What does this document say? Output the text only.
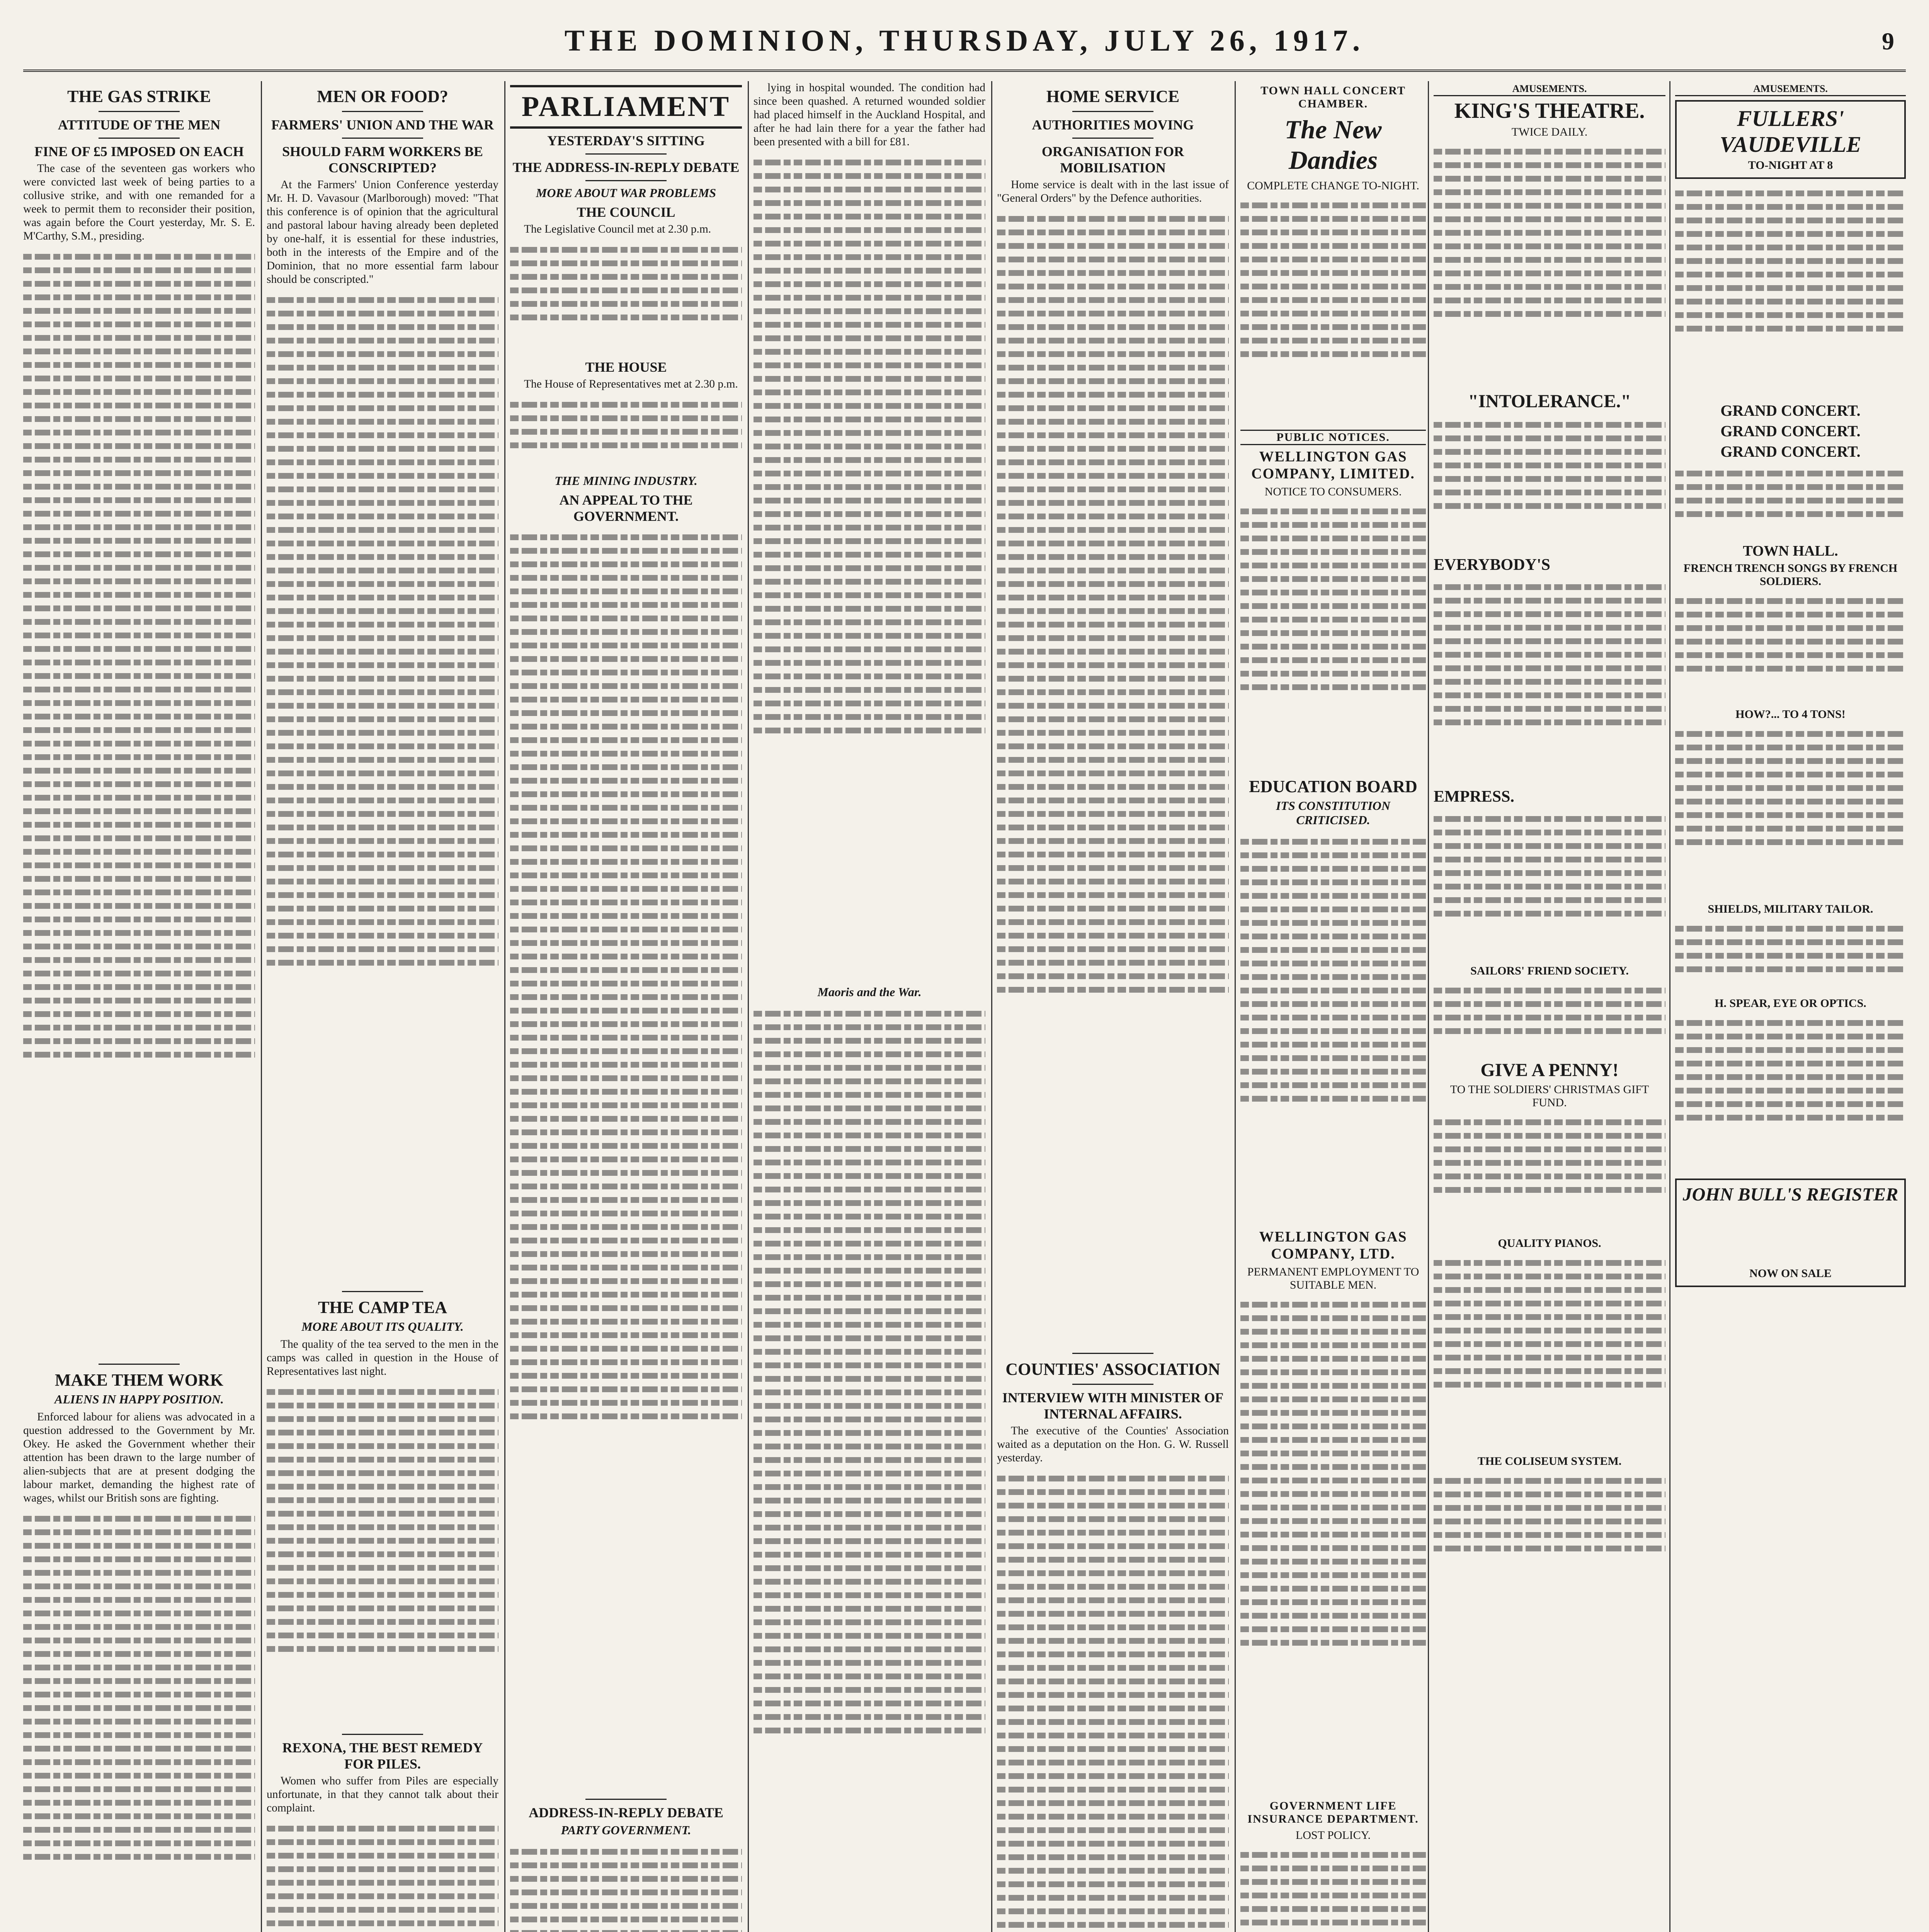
THE DOMINION, THURSDAY, JULY 26, 1917.	9
THE GAS STRIKE
ATTITUDE OF THE MEN
FINE OF £5 IMPOSED ON EACH

The case of the seventeen gas workers who were convicted last week of being parties to a collusive strike, and with one remanded for a week to permit them to reconsider their position, was again before the Court yesterday, Mr. S. E. M'Carthy, S.M., presiding.

MAKE THEM WORK
ALIENS IN HAPPY POSITION.

Enforced labour for aliens was advocated in a question addressed to the Government by Mr. Okey. He asked the Government whether their attention has been drawn to the large number of alien-subjects that are at present dodging the labour market, demanding the highest rate of wages, whilst our British sons are fighting.

MEN OR FOOD?
FARMERS' UNION AND THE WAR
SHOULD FARM WORKERS BE CONSCRIPTED?

At the Farmers' Union Conference yesterday Mr. H. D. Vavasour (Marlborough) moved: "That this conference is of opinion that the agricultural and pastoral labour having already been depleted by one-half, it is essential for these industries, both in the interests of the Empire and of the Dominion, that no more essential farm labour should be conscripted."

THE CAMP TEA
MORE ABOUT ITS QUALITY.

The quality of the tea served to the men in the camps was called in question in the House of Representatives last night.

REXONA, THE BEST REMEDY FOR PILES.

Women who suffer from Piles are especially unfortunate, in that they cannot talk about their complaint.

PARLIAMENT
YESTERDAY'S SITTING
THE ADDRESS-IN-REPLY DEBATE
MORE ABOUT WAR PROBLEMS
THE COUNCIL

The Legislative Council met at 2.30 p.m.

THE HOUSE

The House of Representatives met at 2.30 p.m.

THE MINING INDUSTRY.
AN APPEAL TO THE GOVERNMENT.
ADDRESS-IN-REPLY DEBATE
PARTY GOVERNMENT.

lying in hospital wounded. The condition had since been quashed. A returned wounded soldier had placed himself in the Auckland Hospital, and after he had lain there for a year the father had been presented with a bill for £81.

Maoris and the War.
HOME SERVICE
AUTHORITIES MOVING
ORGANISATION FOR MOBILISATION

Home service is dealt with in the last issue of "General Orders" by the Defence authorities.

COUNTIES' ASSOCIATION
INTERVIEW WITH MINISTER OF INTERNAL AFFAIRS.

The executive of the Counties' Association waited as a deputation on the Hon. G. W. Russell yesterday.

TOWN HALL CONCERT CHAMBER.
The New Dandies
COMPLETE CHANGE TO-NIGHT.
PUBLIC NOTICES.
WELLINGTON GAS COMPANY, LIMITED.
NOTICE TO CONSUMERS.
EDUCATION BOARD
ITS CONSTITUTION CRITICISED.
WELLINGTON GAS COMPANY, LTD.
PERMANENT EMPLOYMENT TO SUITABLE MEN.
GOVERNMENT LIFE INSURANCE DEPARTMENT.
LOST POLICY.
AMUSEMENTS.
KING'S THEATRE.
TWICE DAILY.
"INTOLERANCE."
EVERYBODY'S
EMPRESS.
SAILORS' FRIEND SOCIETY.
GIVE A PENNY!
TO THE SOLDIERS' CHRISTMAS GIFT FUND.
QUALITY PIANOS.
THE COLISEUM SYSTEM.
AMUSEMENTS.
FULLERS' VAUDEVILLE
TO-NIGHT AT 8
GRAND CONCERT.
GRAND CONCERT.
GRAND CONCERT.
TOWN HALL.
FRENCH TRENCH SONGS BY FRENCH SOLDIERS.
HOW?... TO 4 TONS!
SHIELDS, MILITARY TAILOR.
H. SPEAR, EYE OR OPTICS.
JOHN BULL'S REGISTER
NOW ON SALE
